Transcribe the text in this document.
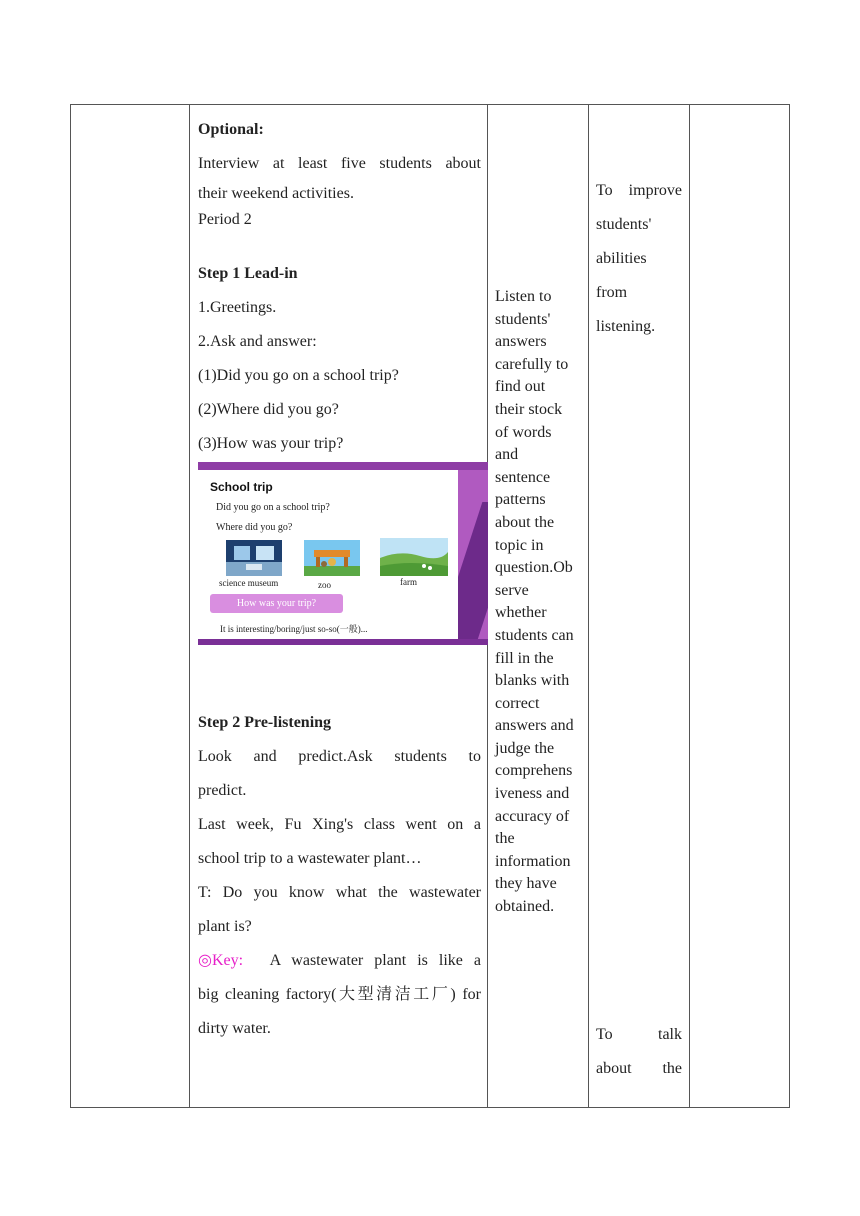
Optional:
Interview at least five students about
their weekend activities.
Period 2
Step 1 Lead-in
1.Greetings.
2.Ask and answer:
(1)Did you go on a school trip?
(2)Where did you go?
(3)How was your trip?
Step 2 Pre-listening
Look and predict.Ask students to
predict.
Last week, Fu Xing's class went on a
school trip to a wastewater plant…
T: Do you know what the wastewater
plant is?
◎Key: A wastewater plant is like a
big cleaning factory(大型清洁工厂) for
dirty water.
School trip
Did you go on a school trip?
Where did you go?
science museum	zoo	farm
How was your trip?
It is interesting/boring/just so-so(一般)...
Listen to
students'
answers
carefully to
find out
their stock
of words
and
sentence
patterns
about the
topic in
question.Ob
serve
whether
students can
fill in the
blanks with
correct
answers and
judge the
comprehens
iveness and
accuracy of
the
information
they have
obtained.
To improve
students'
abilities
from
listening.
To talk
about the
